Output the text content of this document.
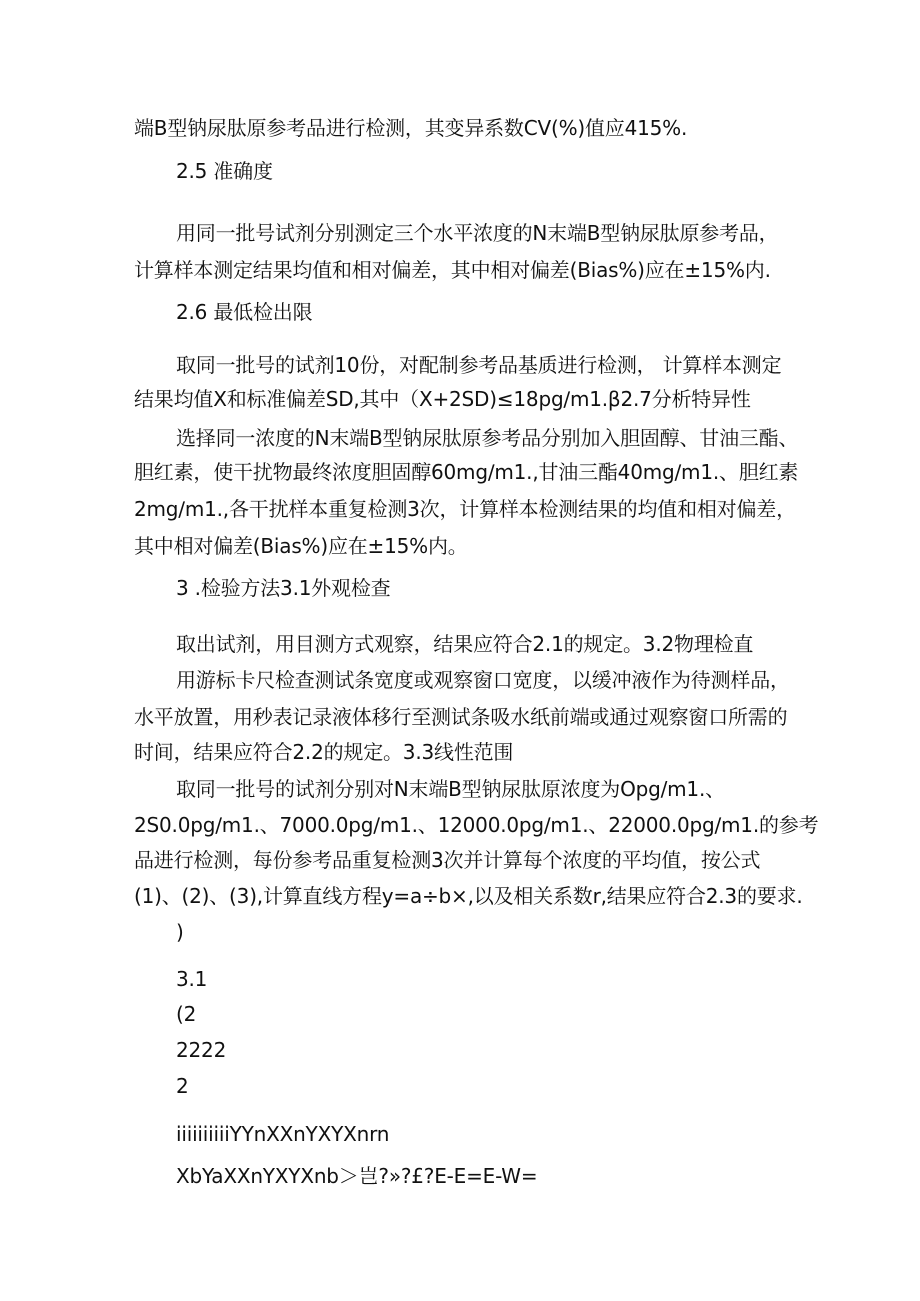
端B型钠尿肽原参考品进行检测，其变异系数CV(%)值应415%.
2.5 准确度
用同一批号试剂分别测定三个水平浓度的N末端B型钠尿肽原参考品，
计算样本测定结果均值和相对偏差，其中相对偏差(Bias%)应在±15%内.
2.6 最低检出限
取同一批号的试剂10份，对配制参考品基质进行检测， 计算样本测定
结果均值X和标准偏差SD,其中（X+2SD)≤18pg∕m1.β2.7分析特异性
选择同一浓度的N末端B型钠尿肽原参考品分别加入胆固醇、甘油三酯、
胆红素，使干扰物最终浓度胆固醇60mg∕m1.,甘油三酯40mg∕m1.、胆红素
2mg∕m1.,各干扰样本重复检测3次，计算样本检测结果的均值和相对偏差，
其中相对偏差(Bias%)应在±15%内。
3 .检验方法3.1外观检查
取出试剂，用目测方式观察，结果应符合2.1的规定。3.2物理检直
用游标卡尺检查测试条宽度或观察窗口宽度，以缓冲液作为待测样品，
水平放置，用秒表记录液体移行至测试条吸水纸前端或通过观察窗口所需的
时间，结果应符合2.2的规定。3.3线性范围
取同一批号的试剂分别对N末端B型钠尿肽原浓度为Opg/m1.、
2S0.0pg∕m1.、7000.0pg∕m1.、12000.0pg∕m1.、22000.0pg∕m1.的参考
品进行检测，每份参考品重复检测3次并计算每个浓度的平均值，按公式
(1)、(2)、(3),计算直线方程y=a÷b×,以及相关系数r,结果应符合2.3的要求.
)
3.1
(2
2222
2
iiiiiiiiiiYYnXXnYXYXnrn
XbYaXXnYXYXnb＞岂?»?£?E-E=E-W=
